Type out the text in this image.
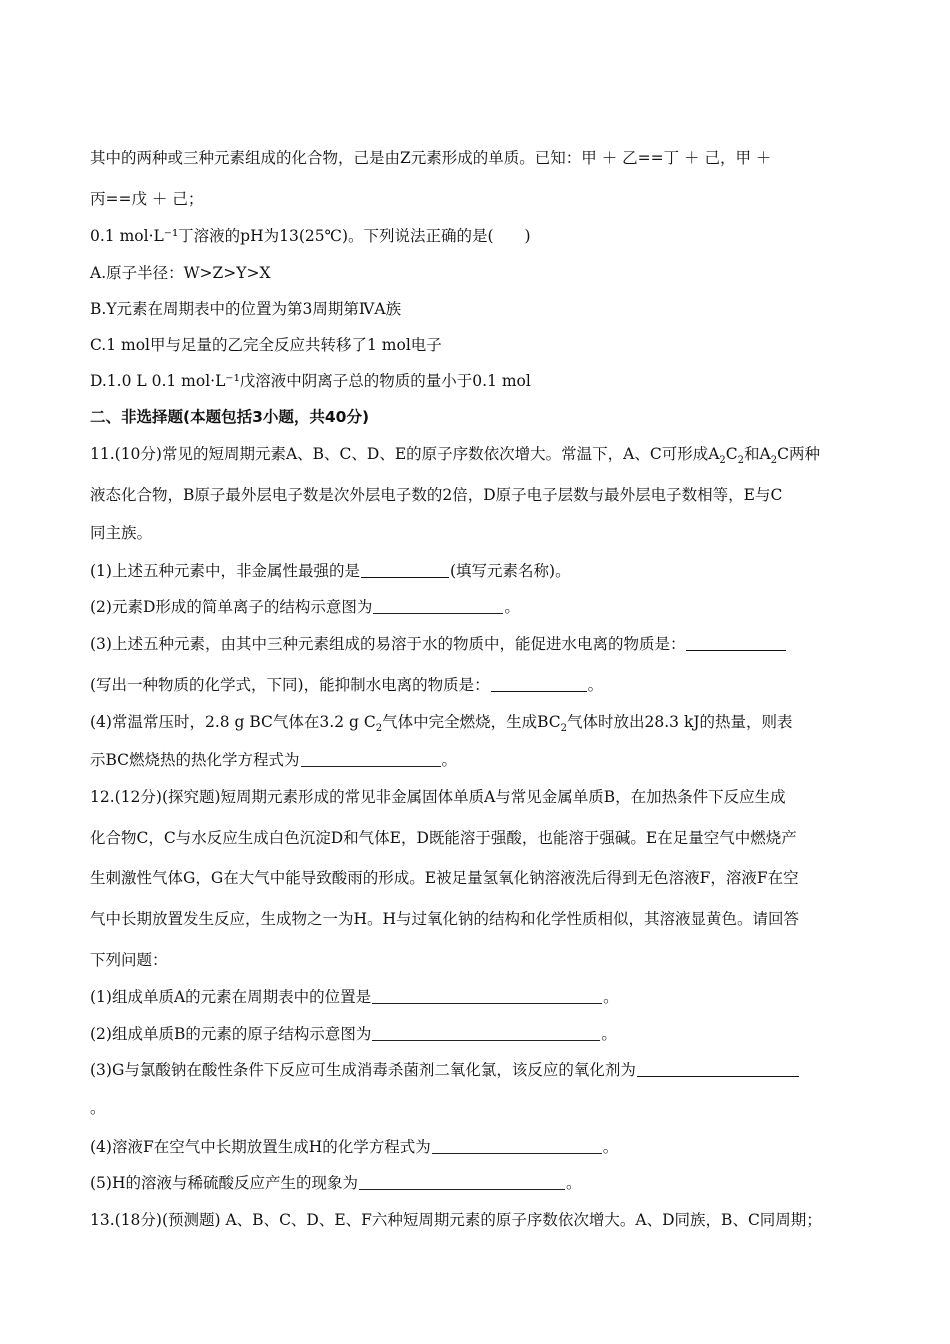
其中的两种或三种元素组成的化合物，己是由Z元素形成的单质。已知：甲 ＋ 乙==丁 ＋ 己，甲 ＋
丙==戊 ＋ 己；
0.1 mol·L⁻¹丁溶液的pH为13(25℃)。下列说法正确的是(　　)
A.原子半径：W>Z>Y>X
B.Y元素在周期表中的位置为第3周期第ⅣA族
C.1 mol甲与足量的乙完全反应共转移了1 mol电子
D.1.0 L 0.1 mol·L⁻¹戊溶液中阴离子总的物质的量小于0.1 mol
二、非选择题(本题包括3小题，共40分)
11.(10分)常见的短周期元素A、B、C、D、E的原子序数依次增大。常温下，A、C可形成$A_2C_2$和$A_2C$两种
液态化合物，B原子最外层电子数是次外层电子数的2倍，D原子电子层数与最外层电子数相等，E与C
同主族。
(1)上述五种元素中，非金属性最强的是	(填写元素名称)。
(2)元素D形成的简单离子的结构示意图为	。
(3)上述五种元素，由其中三种元素组成的易溶于水的物质中，能促进水电离的物质是：
(写出一种物质的化学式，下同)，能抑制水电离的物质是：	。
(4)常温常压时，2.8 g BC气体在3.2 g $C_2$气体中完全燃烧，生成$BC_2$气体时放出28.3 kJ的热量，则表
示BC燃烧热的热化学方程式为	。
12.(12分)(探究题)短周期元素形成的常见非金属固体单质A与常见金属单质B，在加热条件下反应生成
化合物C，C与水反应生成白色沉淀D和气体E，D既能溶于强酸，也能溶于强碱。E在足量空气中燃烧产
生刺激性气体G，G在大气中能导致酸雨的形成。E被足量氢氧化钠溶液洗后得到无色溶液F，溶液F在空
气中长期放置发生反应，生成物之一为H。H与过氧化钠的结构和化学性质相似，其溶液显黄色。请回答
下列问题：
(1)组成单质A的元素在周期表中的位置是	。
(2)组成单质B的元素的原子结构示意图为	。
(3)G与氯酸钠在酸性条件下反应可生成消毒杀菌剂二氧化氯，该反应的氧化剂为
。
(4)溶液F在空气中长期放置生成H的化学方程式为	。
(5)H的溶液与稀硫酸反应产生的现象为	。
13.(18分)(预测题) A、B、C、D、E、F六种短周期元素的原子序数依次增大。A、D同族，B、C同周期；
